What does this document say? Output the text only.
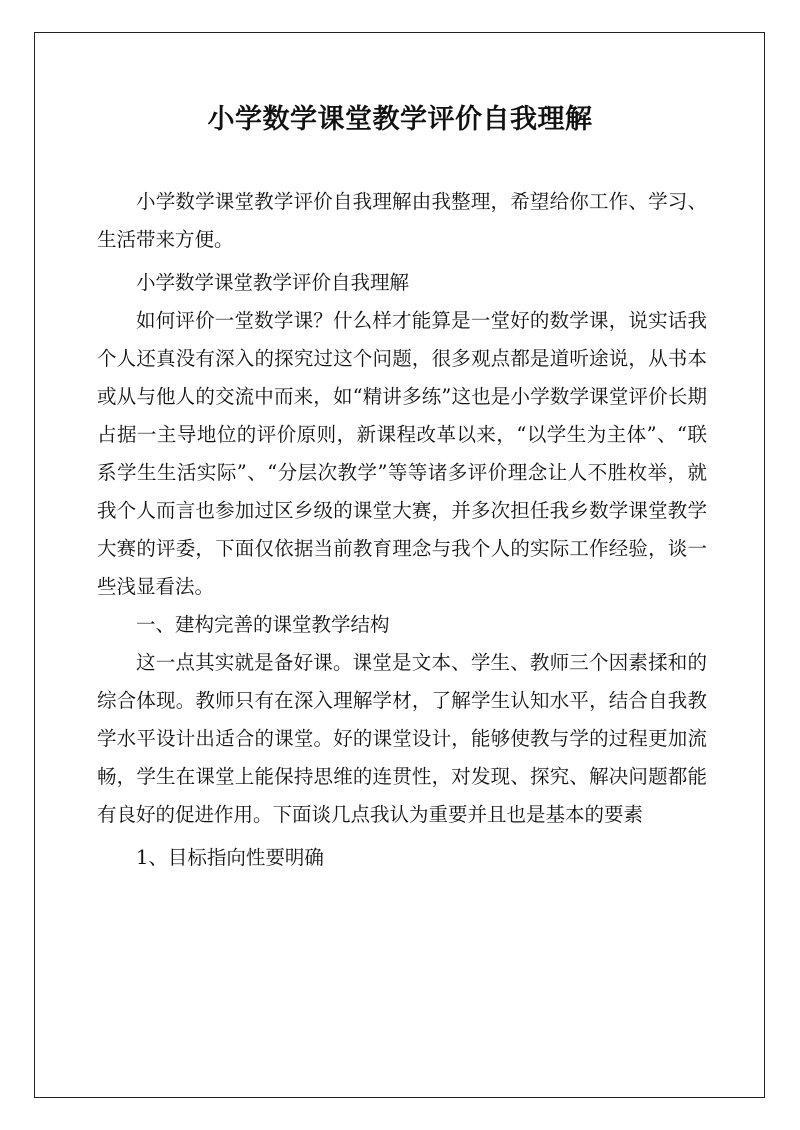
小学数学课堂教学评价自我理解

小学数学课堂教学评价自我理解由我整理，希望给你工作、学习、生活带来方便。

小学数学课堂教学评价自我理解

如何评价一堂数学课？什么样才能算是一堂好的数学课，说实话我个人还真没有深入的探究过这个问题，很多观点都是道听途说，从书本或从与他人的交流中而来，如“精讲多练”这也是小学数学课堂评价长期占据一主导地位的评价原则，新课程改革以来，“以学生为主体”、“联系学生生活实际”、“分层次教学”等等诸多评价理念让人不胜枚举，就我个人而言也参加过区乡级的课堂大赛，并多次担任我乡数学课堂教学大赛的评委，下面仅依据当前教育理念与我个人的实际工作经验，谈一些浅显看法。

一、建构完善的课堂教学结构

这一点其实就是备好课。课堂是文本、学生、教师三个因素揉和的综合体现。教师只有在深入理解学材，了解学生认知水平，结合自我教学水平设计出适合的课堂。好的课堂设计，能够使教与学的过程更加流畅，学生在课堂上能保持思维的连贯性，对发现、探究、解决问题都能有良好的促进作用。下面谈几点我认为重要并且也是基本的要素

1、目标指向性要明确
